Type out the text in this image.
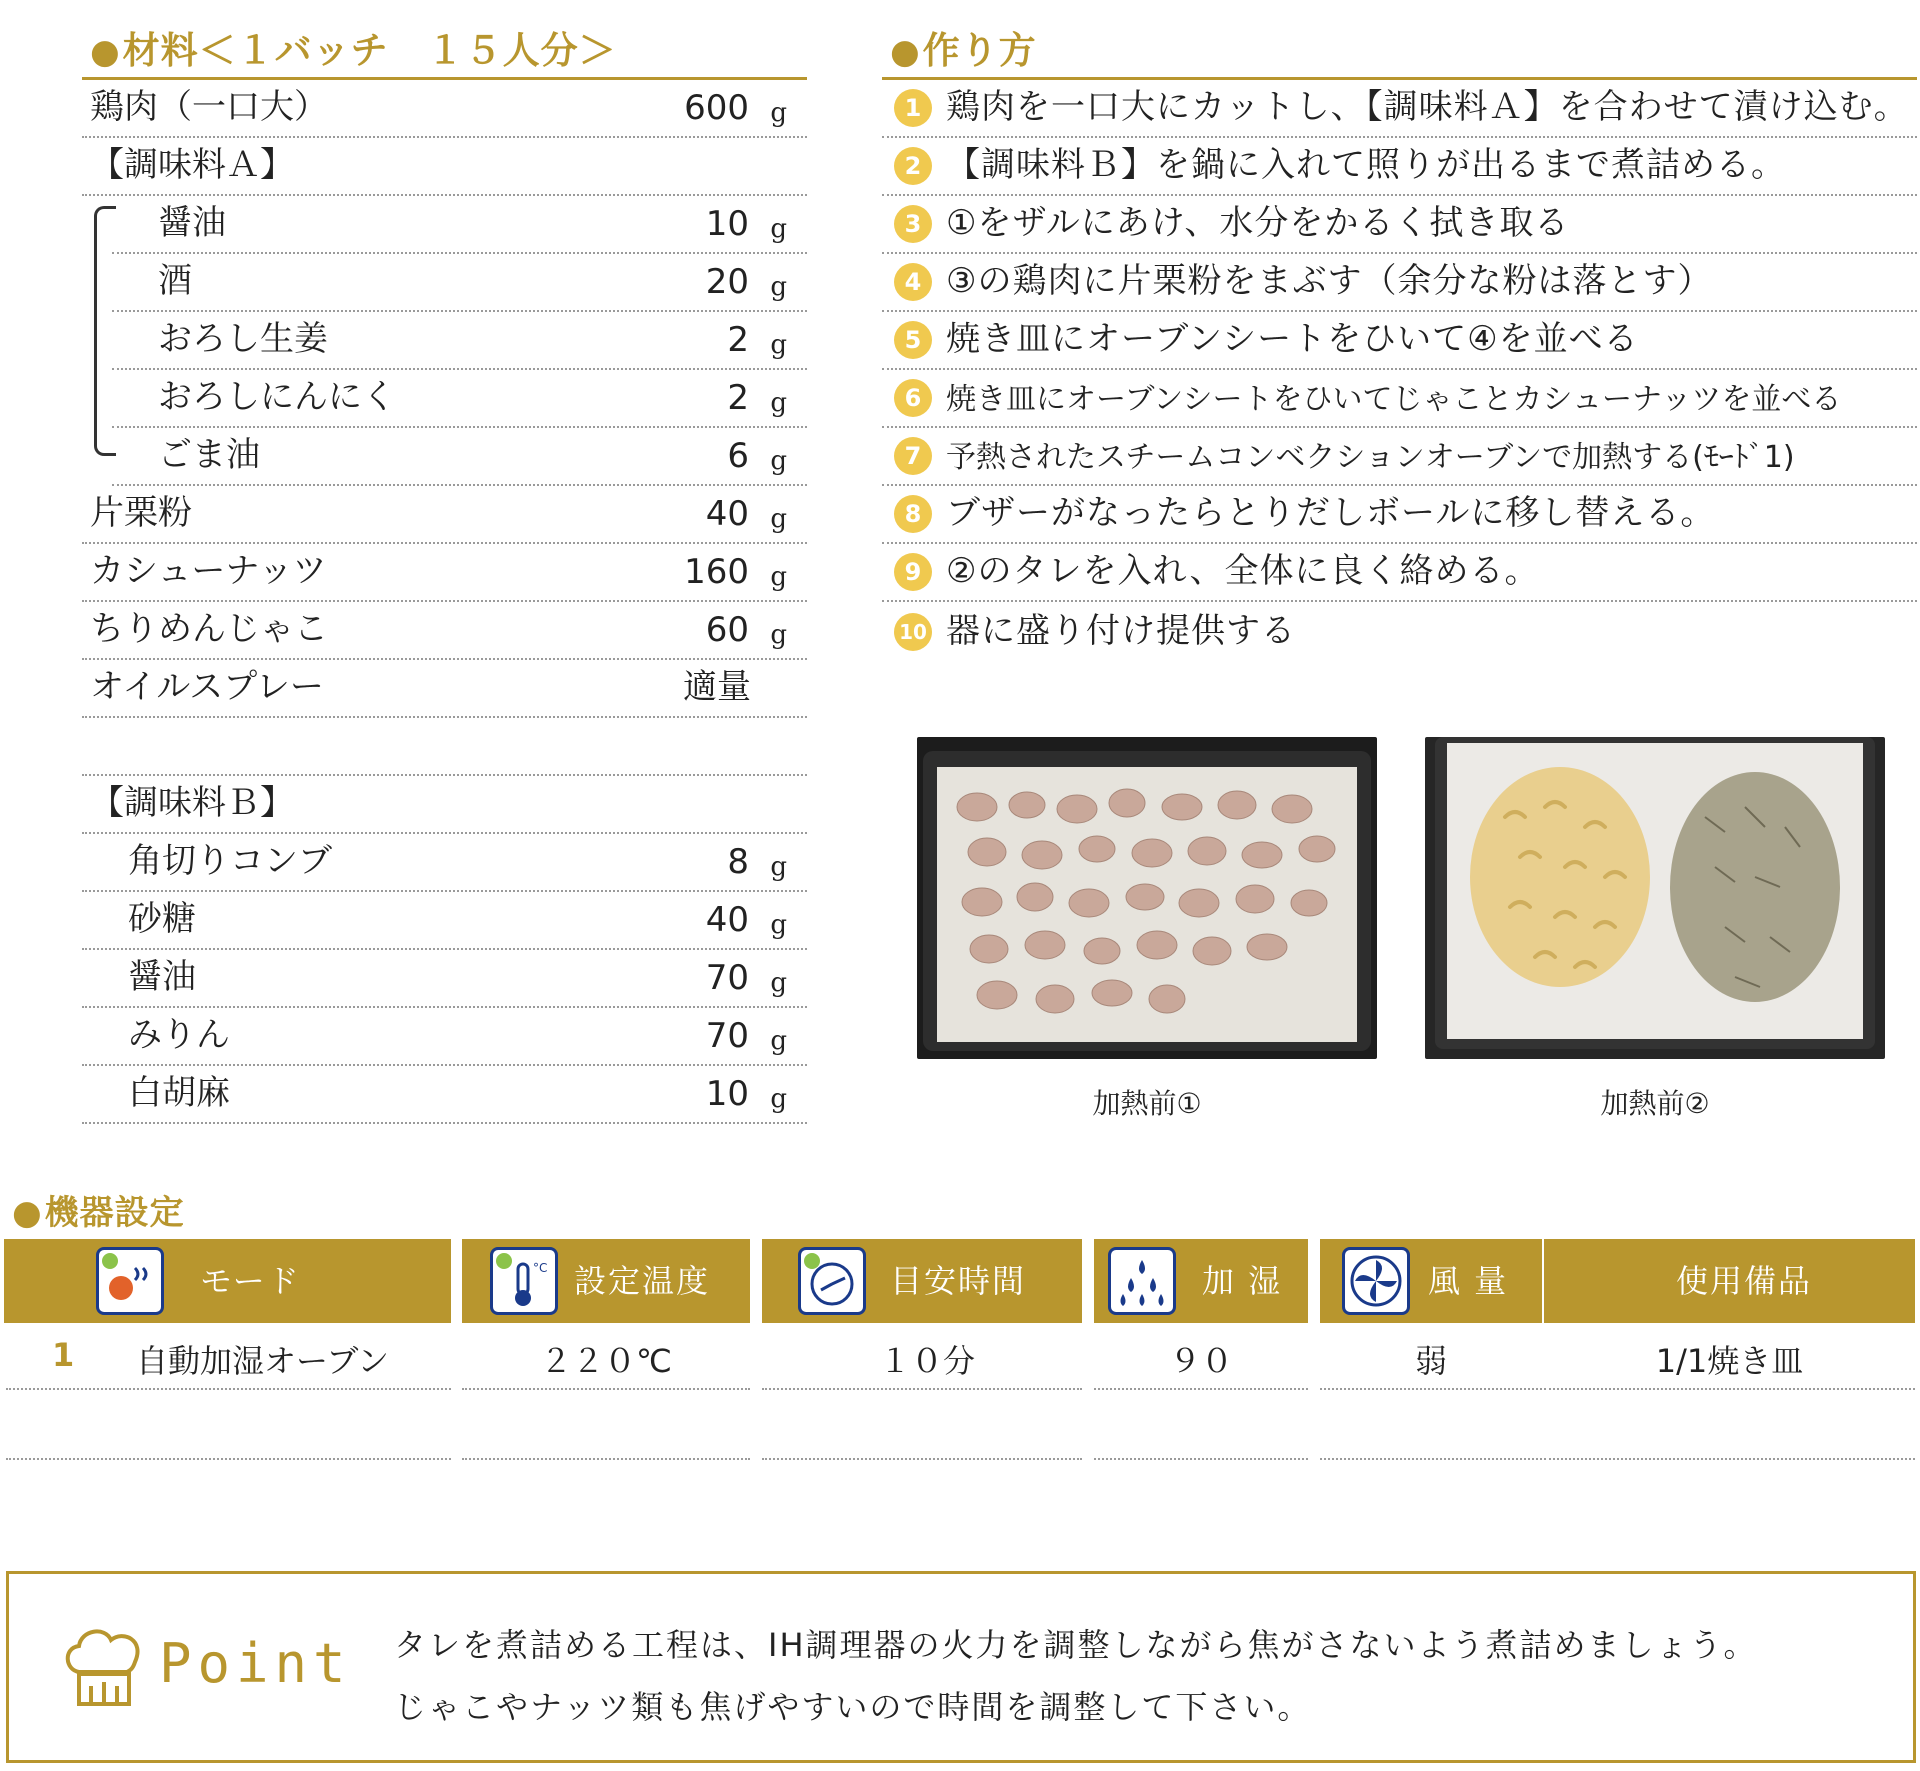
●材料＜１バッチ　１５人分＞
鶏肉（一口大）	600 g
【調味料Ａ】
醤油	10 g
酒	20 g
おろし生姜	2 g
おろしにんにく	2 g
ごま油	6 g
片栗粉	40 g
カシューナッツ	160 g
ちりめんじゃこ	60 g
オイルスプレー	適量
【調味料Ｂ】
角切りコンブ	8 g
砂糖	40 g
醤油	70 g
みりん	70 g
白胡麻	10 g
●作り方
1 鶏肉を一口大にカットし、【調味料Ａ】を合わせて漬け込む。
2 【調味料Ｂ】を鍋に入れて照りが出るまで煮詰める。
3 ①をザルにあけ、水分をかるく拭き取る
4 ③の鶏肉に片栗粉をまぶす（余分な粉は落とす）
5 焼き皿にオーブンシートをひいて④を並べる
6 焼き皿にオーブンシートをひいてじゃことカシューナッツを並べる
7 予熱されたスチームコンベクションオーブンで加熱する(ﾓｰﾄﾞ1)
8 ブザーがなったらとりだしボールに移し替える。
9 ②のタレを入れ、全体に良く絡める。
10 器に盛り付け提供する
加熱前①	加熱前②
●機器設定
モード	°C 設定温度	目安時間	加 湿	風 量	使用備品
1 自動加湿オーブン	２２０℃	１０分	９０	弱	1/1焼き皿
Point タレを煮詰める工程は、IH調理器の火力を調整しながら焦がさないよう煮詰めましょう。
じゃこやナッツ類も焦げやすいので時間を調整して下さい。
